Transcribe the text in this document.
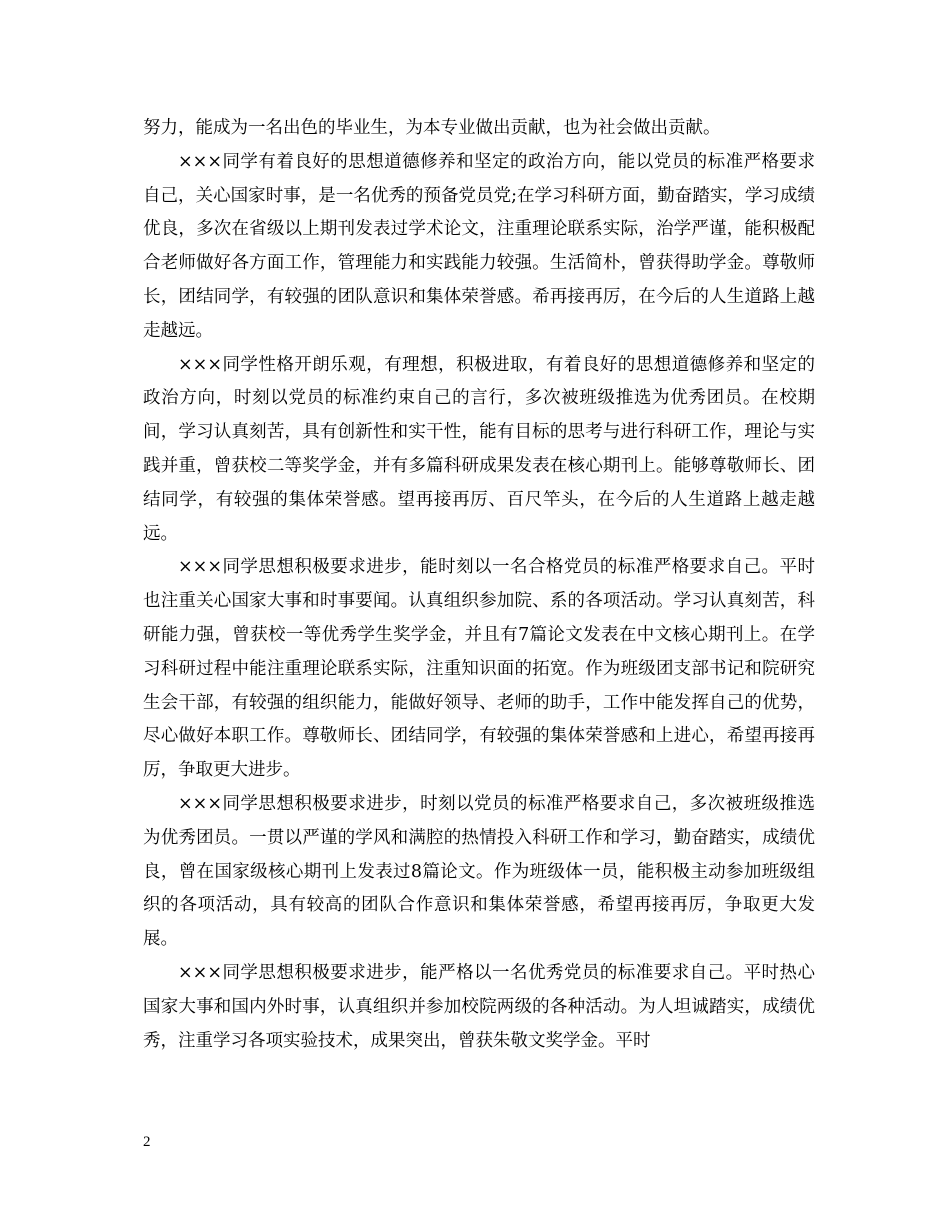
努力，能成为一名出色的毕业生，为本专业做出贡献，也为社会做出贡献。

×××同学有着良好的思想道德修养和坚定的政治方向，能以党员的标准严格要求自己，关心国家时事，是一名优秀的预备党员党;在学习科研方面，勤奋踏实，学习成绩优良，多次在省级以上期刊发表过学术论文，注重理论联系实际，治学严谨，能积极配合老师做好各方面工作，管理能力和实践能力较强。生活简朴，曾获得助学金。尊敬师长，团结同学，有较强的团队意识和集体荣誉感。希再接再厉，在今后的人生道路上越走越远。

×××同学性格开朗乐观，有理想，积极进取，有着良好的思想道德修养和坚定的政治方向，时刻以党员的标准约束自己的言行，多次被班级推选为优秀团员。在校期间，学习认真刻苦，具有创新性和实干性，能有目标的思考与进行科研工作，理论与实践并重，曾获校二等奖学金，并有多篇科研成果发表在核心期刊上。能够尊敬师长、团结同学，有较强的集体荣誉感。望再接再厉、百尺竿头，在今后的人生道路上越走越远。

×××同学思想积极要求进步，能时刻以一名合格党员的标准严格要求自己。平时也注重关心国家大事和时事要闻。认真组织参加院、系的各项活动。学习认真刻苦，科研能力强，曾获校一等优秀学生奖学金，并且有7篇论文发表在中文核心期刊上。在学习科研过程中能注重理论联系实际，注重知识面的拓宽。作为班级团支部书记和院研究生会干部，有较强的组织能力，能做好领导、老师的助手，工作中能发挥自己的优势，尽心做好本职工作。尊敬师长、团结同学，有较强的集体荣誉感和上进心，希望再接再厉，争取更大进步。

×××同学思想积极要求进步，时刻以党员的标准严格要求自己，多次被班级推选为优秀团员。一贯以严谨的学风和满腔的热情投入科研工作和学习，勤奋踏实，成绩优良，曾在国家级核心期刊上发表过8篇论文。作为班级体一员，能积极主动参加班级组织的各项活动，具有较高的团队合作意识和集体荣誉感，希望再接再厉，争取更大发展。

×××同学思想积极要求进步，能严格以一名优秀党员的标准要求自己。平时热心国家大事和国内外时事，认真组织并参加校院两级的各种活动。为人坦诚踏实，成绩优秀，注重学习各项实验技术，成果突出，曾获朱敬文奖学金。平时

2
